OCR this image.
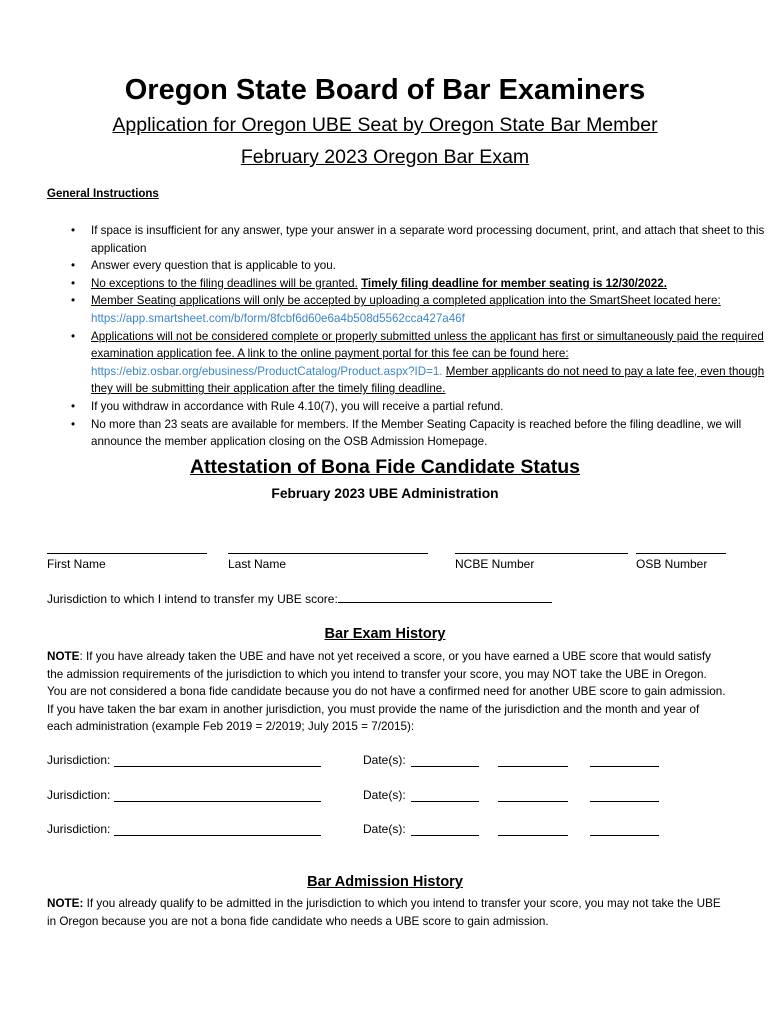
Oregon State Board of Bar Examiners
Application for Oregon UBE Seat by Oregon State Bar Member
February 2023 Oregon Bar Exam
General Instructions
• If space is insufficient for any answer, type your answer in a separate word processing document, print, and attach that sheet to this application
• Answer every question that is applicable to you.
• No exceptions to the filing deadlines will be granted. Timely filing deadline for member seating is 12/30/2022.
• Member Seating applications will only be accepted by uploading a completed application into the SmartSheet located here: https://app.smartsheet.com/b/form/8fcbf6d60e6a4b508d5562cca427a46f
• Applications will not be considered complete or properly submitted unless the applicant has first or simultaneously paid the required examination application fee. A link to the online payment portal for this fee can be found here: https://ebiz.osbar.org/ebusiness/ProductCatalog/Product.aspx?ID=1. Member applicants do not need to pay a late fee, even though they will be submitting their application after the timely filing deadline.
• If you withdraw in accordance with Rule 4.10(7), you will receive a partial refund.
• No more than 23 seats are available for members. If the Member Seating Capacity is reached before the filing deadline, we will announce the member application closing on the OSB Admission Homepage.
Attestation of Bona Fide Candidate Status
February 2023 UBE Administration
First Name	Last Name	NCBE Number	OSB Number
Jurisdiction to which I intend to transfer my UBE score:
Bar Exam History

NOTE: If you have already taken the UBE and have not yet received a score, or you have earned a UBE score that would satisfy the admission requirements of the jurisdiction to which you intend to transfer your score, you may NOT take the UBE in Oregon. You are not considered a bona fide candidate because you do not have a confirmed need for another UBE score to gain admission. If you have taken the bar exam in another jurisdiction, you must provide the name of the jurisdiction and the month and year of each administration (example Feb 2019 = 2/2019; July 2015 = 7/2015):

Jurisdiction:	Date(s):
Jurisdiction:	Date(s):
Jurisdiction:	Date(s):
Bar Admission History

NOTE: If you already qualify to be admitted in the jurisdiction to which you intend to transfer your score, you may not take the UBE in Oregon because you are not a bona fide candidate who needs a UBE score to gain admission.
